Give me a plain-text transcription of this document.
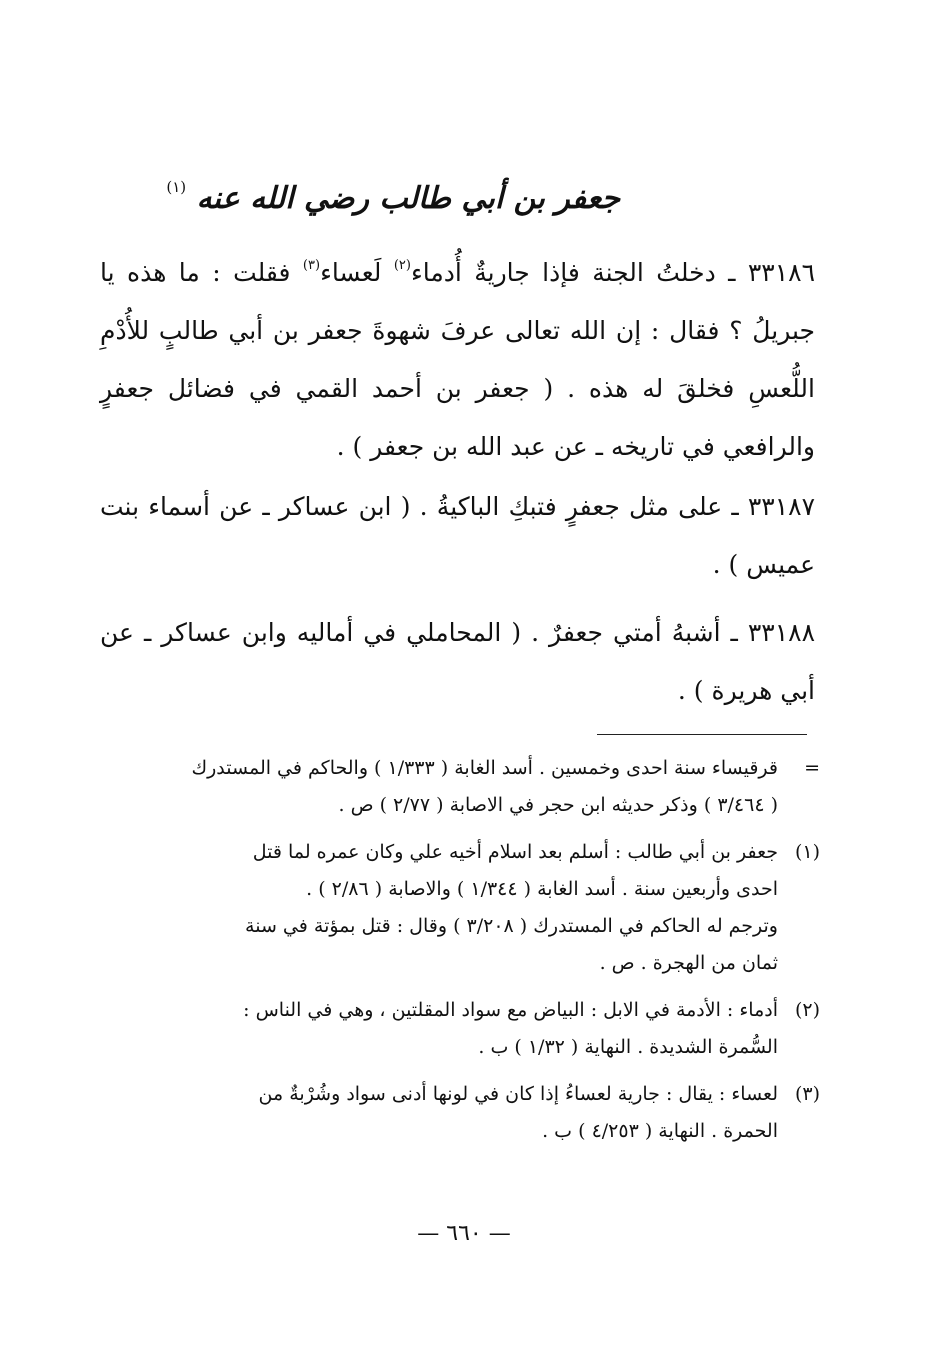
جعفر بن أبي طالب رضي الله عنه $^{(١)}$

٣٣١٨٦ ـ دخلتُ الجنة فإذا جاريةٌ أُدماء$^{(٢)}$ لَعساء$^{(٣)}$ فقلت : ما هذه يا جبريلُ ؟ فقال : إن الله تعالى عرفَ شهوةَ جعفر بن أبي طالبٍ للأُدْمِ اللُّعسِ فخلقَ له هذه . ( جعفر بن أحمد القمي في فضائل جعفرٍ والرافعي في تاريخه ـ عن عبد الله بن جعفر ) .

٣٣١٨٧ ـ على مثل جعفرٍ فتبكِ الباكيةُ . ( ابن عساكر ـ عن أسماء بنت عميس ) .

٣٣١٨٨ ـ أشبهُ أمتي جعفرٌ . ( المحاملي في أماليه وابن عساكر ـ عن أبي هريرة ) .

=
قرقيساء سنة احدى وخمسين . أسد الغابة ( ١/٣٣٣ ) والحاكم في المستدرك
( ٣/٤٦٤ ) وذكر حديثه ابن حجر في الاصابة ( ٢/٧٧ ) ص .
(١)
جعفر بن أبي طالب : أسلم بعد اسلام أخيه علي وكان عمره لما قتل
احدى وأربعين سنة . أسد الغابة ( ١/٣٤٤ ) والاصابة ( ٢/٨٦ ) .
وترجم له الحاكم في المستدرك ( ٣/٢٠٨ ) وقال : قتل بمؤتة في سنة
ثمان من الهجرة . ص .
(٢)
أدماء : الأدمة في الابل : البياض مع سواد المقلتين ، وهي في الناس :
السُّمرة الشديدة . النهاية ( ١/٣٢ ) ب .
(٣)
لعساء : يقال : جارية لعساءُ إذا كان في لونها أدنى سواد وشُرْبةٌ من
الحمرة . النهاية ( ٤/٢٥٣ ) ب .
— ٦٦٠ —
